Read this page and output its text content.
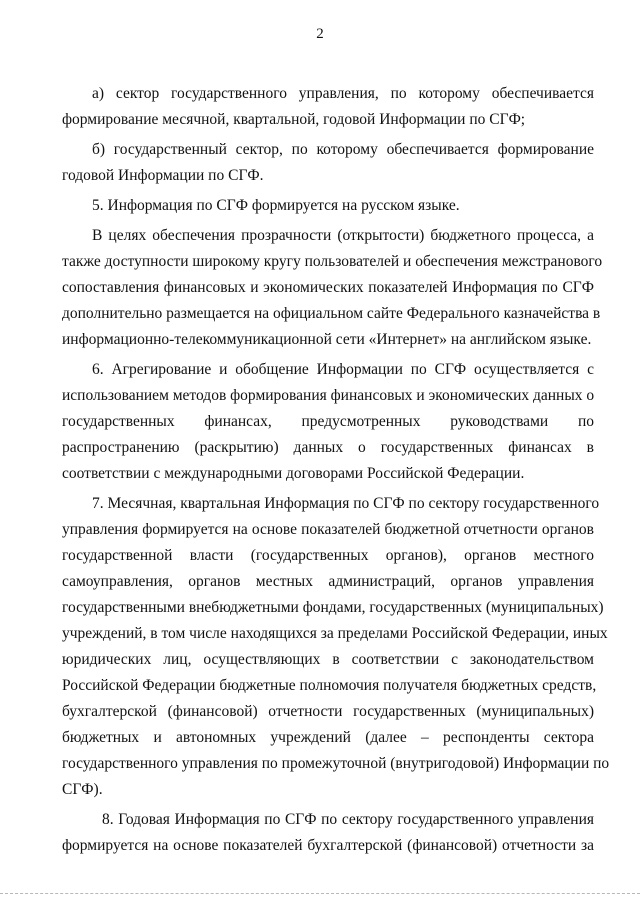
2
а) сектор государственного управления, по которому обеспечивается
формирование месячной, квартальной, годовой Информации по СГФ;
б) государственный сектор, по которому обеспечивается формирование
годовой Информации по СГФ.
5. Информация по СГФ формируется на русском языке.
В целях обеспечения прозрачности (открытости) бюджетного процесса, а
также доступности широкому кругу пользователей и обеспечения межстранового
сопоставления финансовых и экономических показателей Информация по СГФ
дополнительно размещается на официальном сайте Федерального казначейства в
информационно-телекоммуникационной сети «Интернет» на английском языке.
6. Агрегирование и обобщение Информации по СГФ осуществляется с
использованием методов формирования финансовых и экономических данных о
государственных финансах, предусмотренных руководствами по
распространению (раскрытию) данных о государственных финансах в
соответствии с международными договорами Российской Федерации.
7. Месячная, квартальная Информация по СГФ по сектору государственного
управления формируется на основе показателей бюджетной отчетности органов
государственной власти (государственных органов), органов местного
самоуправления, органов местных администраций, органов управления
государственными внебюджетными фондами, государственных (муниципальных)
учреждений, в том числе находящихся за пределами Российской Федерации, иных
юридических лиц, осуществляющих в соответствии с законодательством
Российской Федерации бюджетные полномочия получателя бюджетных средств,
бухгалтерской (финансовой) отчетности государственных (муниципальных)
бюджетных и автономных учреждений (далее – респонденты сектора
государственного управления по промежуточной (внутригодовой) Информации по
СГФ).
8. Годовая Информация по СГФ по сектору государственного управления
формируется на основе показателей бухгалтерской (финансовой) отчетности за
